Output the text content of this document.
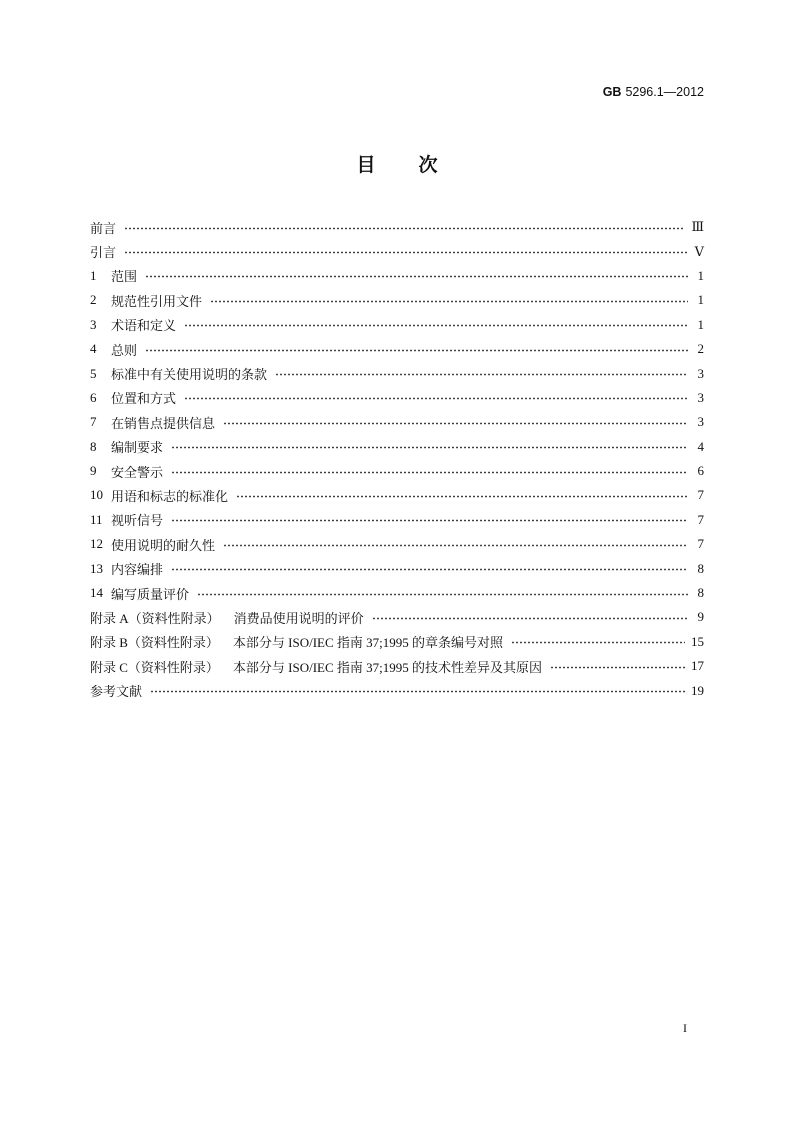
GB 5296.1—2012
目　次
前言	Ⅲ
引言	Ⅴ
1	范围	1
2	规范性引用文件	1
3	术语和定义	1
4	总则	2
5	标准中有关使用说明的条款	3
6	位置和方式	3
7	在销售点提供信息	3
8	编制要求	4
9	安全警示	6
10 用语和标志的标准化	7
11 视听信号	7
12 使用说明的耐久性	7
13 内容编排	8
14 编写质量评价	8
附录 A（资料性附录） 消费品使用说明的评价	9
附录 B（资料性附录） 本部分与 ISO/IEC 指南 37;1995 的章条编号对照	15
附录 C（资料性附录） 本部分与 ISO/IEC 指南 37;1995 的技术性差异及其原因	17
参考文献	19
I
